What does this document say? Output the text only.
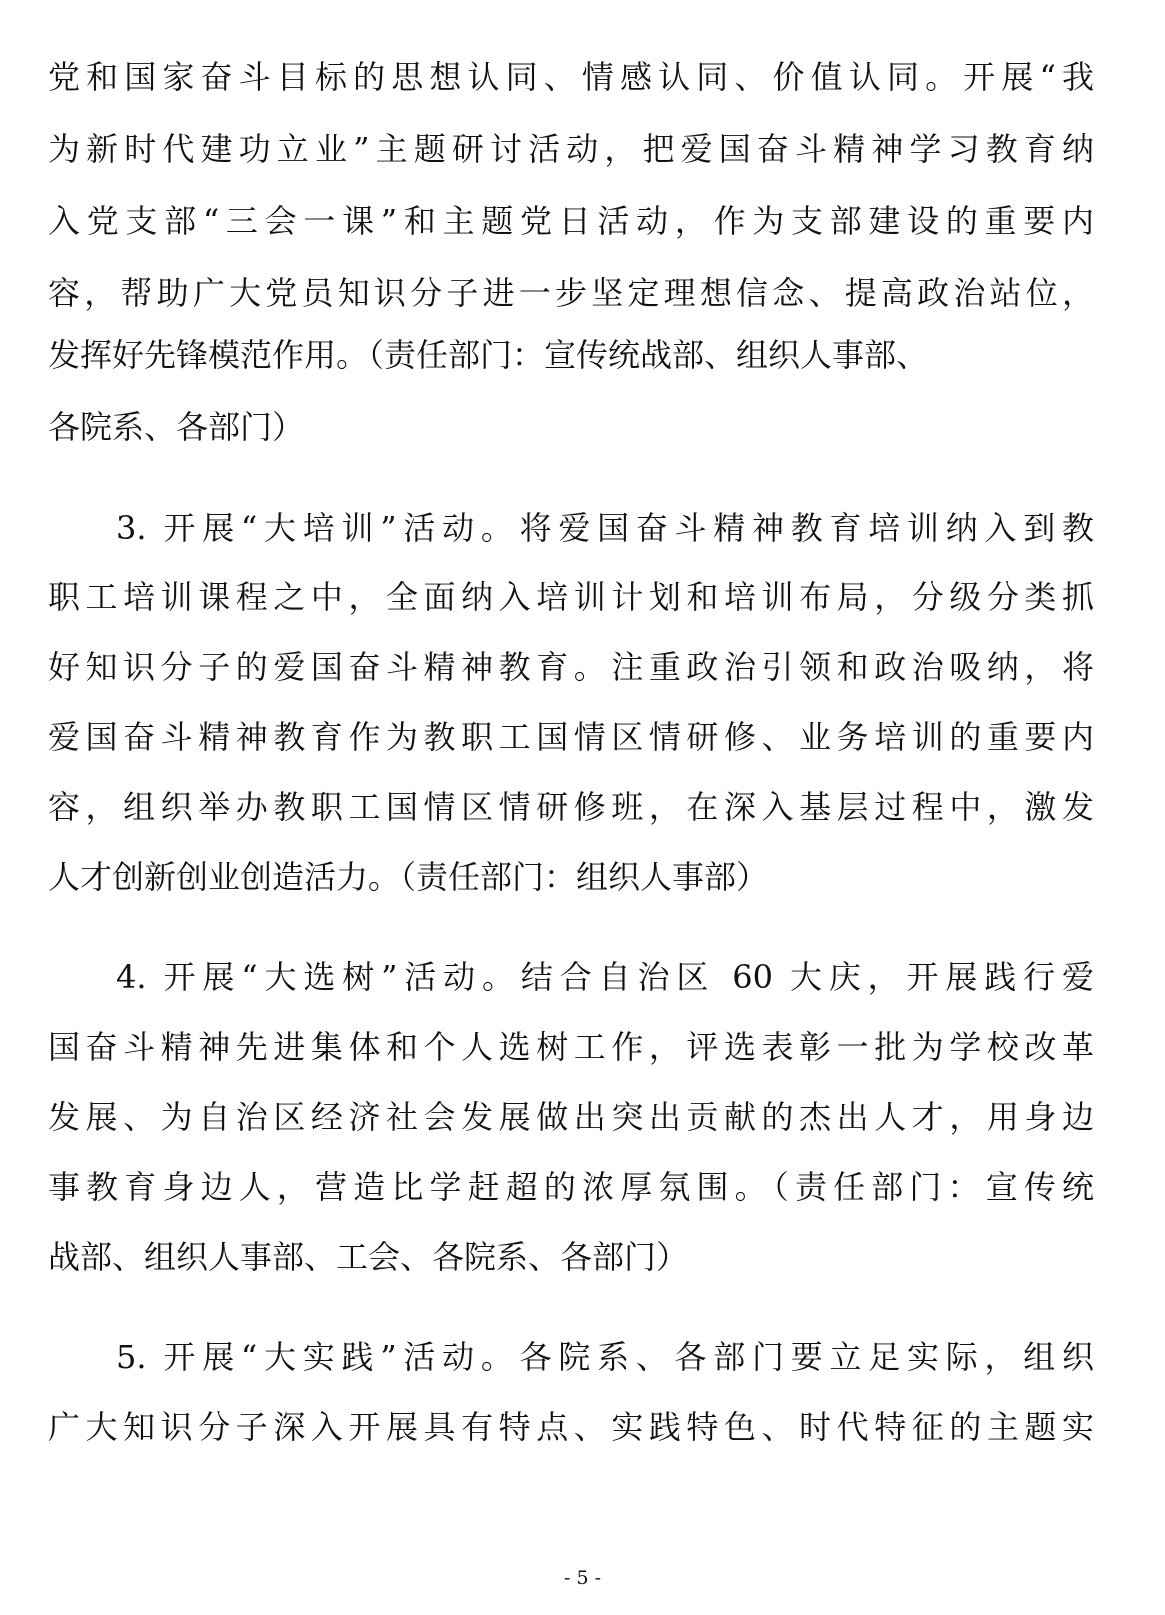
党和国家奋斗目标的思想认同、情感认同、价值认同。开展“我
为新时代建功立业”主题研讨活动，把爱国奋斗精神学习教育纳
入党支部“三会一课”和主题党日活动，作为支部建设的重要内
容，帮助广大党员知识分子进一步坚定理想信念、提高政治站位，
发挥好先锋模范作用。（责任部门：宣传统战部、组织人事部、
各院系、各部门）
3. 开展“大培训”活动。将爱国奋斗精神教育培训纳入到教
职工培训课程之中，全面纳入培训计划和培训布局，分级分类抓
好知识分子的爱国奋斗精神教育。注重政治引领和政治吸纳，将
爱国奋斗精神教育作为教职工国情区情研修、业务培训的重要内
容，组织举办教职工国情区情研修班，在深入基层过程中，激发
人才创新创业创造活力。（责任部门：组织人事部）
4. 开展“大选树”活动。结合自治区 60 大庆，开展践行爱
国奋斗精神先进集体和个人选树工作，评选表彰一批为学校改革
发展、为自治区经济社会发展做出突出贡献的杰出人才，用身边
事教育身边人，营造比学赶超的浓厚氛围。（责任部门：宣传统
战部、组织人事部、工会、各院系、各部门）
5. 开展“大实践”活动。各院系、各部门要立足实际，组织
广大知识分子深入开展具有特点、实践特色、时代特征的主题实
- 5 -
